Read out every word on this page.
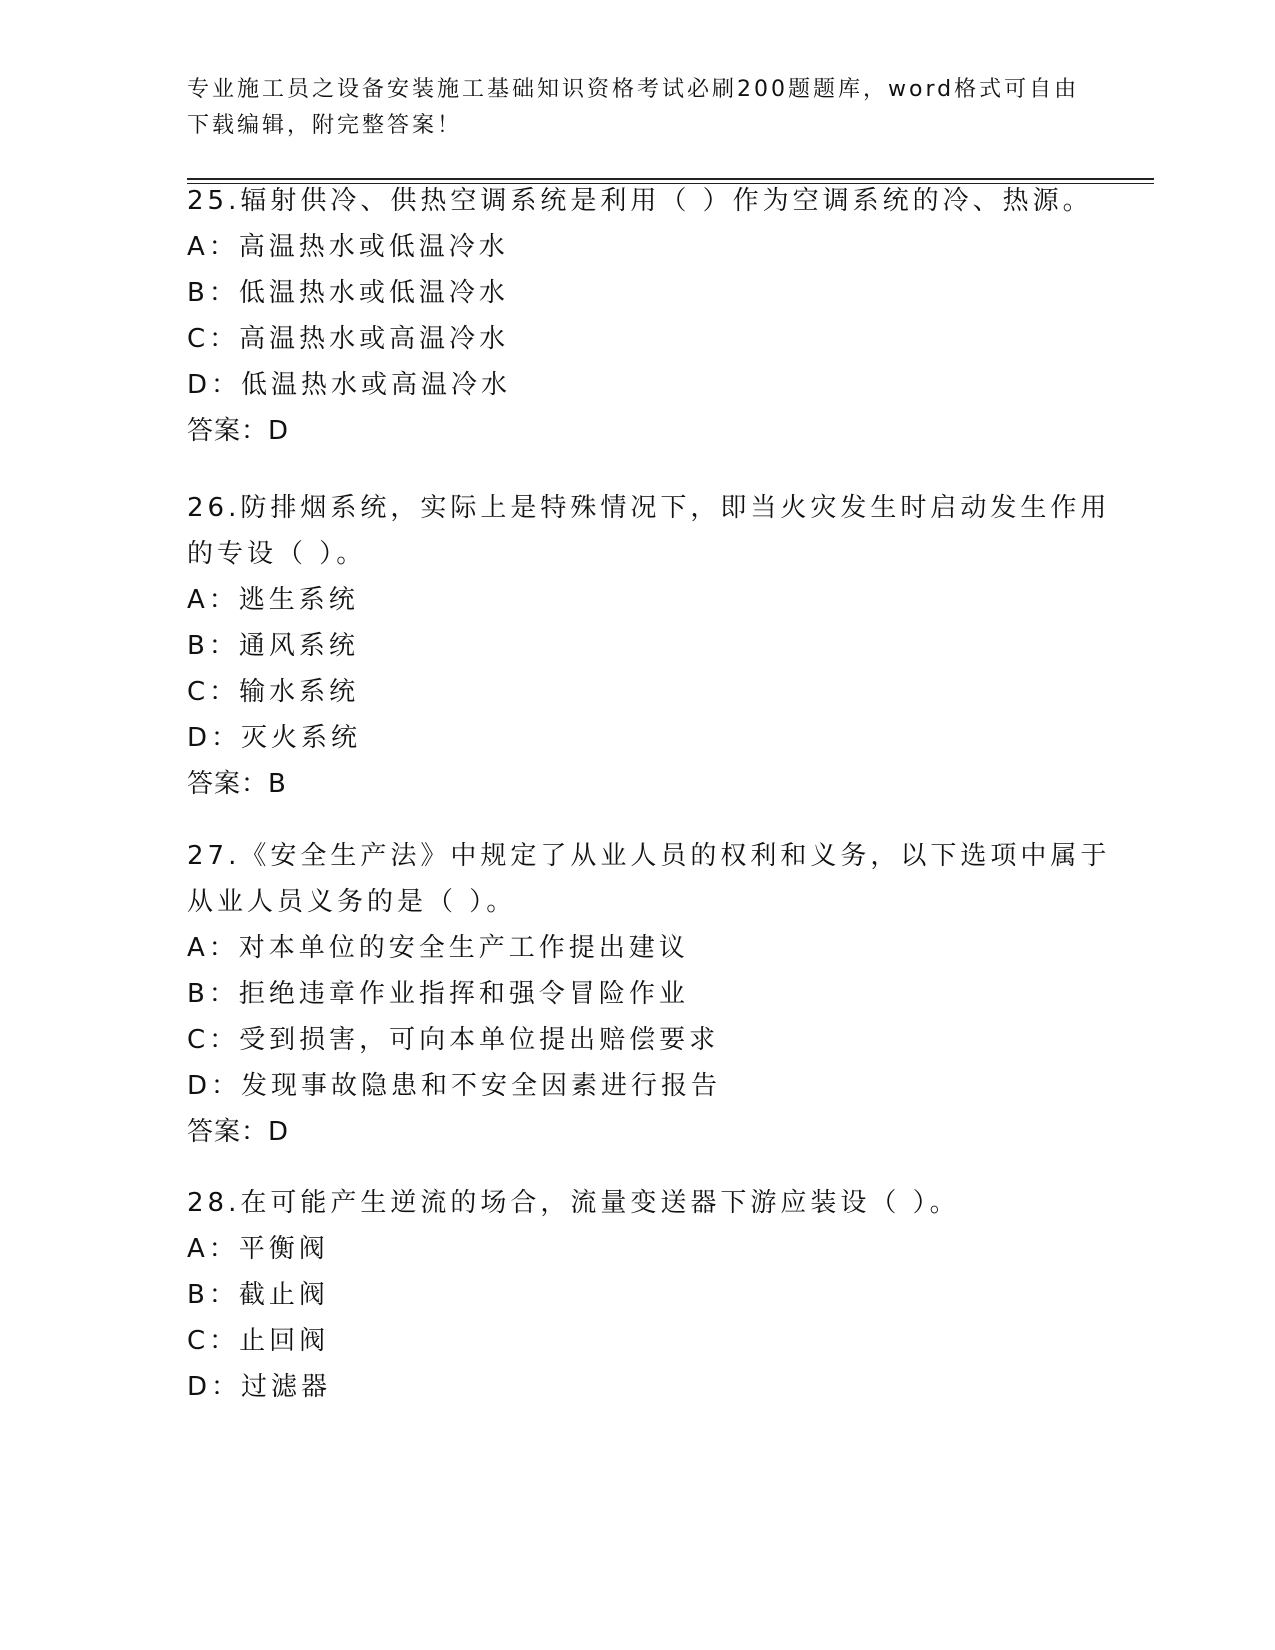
专业施工员之设备安装施工基础知识资格考试必刷200题题库，word格式可自由
下载编辑，附完整答案！
25.辐射供冷、供热空调系统是利用（ ）作为空调系统的冷、热源。
A：高温热水或低温冷水
B：低温热水或低温冷水
C：高温热水或高温冷水
D：低温热水或高温冷水
答案：D
26.防排烟系统，实际上是特殊情况下，即当火灾发生时启动发生作用
的专设（ ）。
A：逃生系统
B：通风系统
C：输水系统
D：灭火系统
答案：B
27.《安全生产法》中规定了从业人员的权利和义务，以下选项中属于
从业人员义务的是（ ）。
A：对本单位的安全生产工作提出建议
B：拒绝违章作业指挥和强令冒险作业
C：受到损害，可向本单位提出赔偿要求
D：发现事故隐患和不安全因素进行报告
答案：D
28.在可能产生逆流的场合，流量变送器下游应装设（ ）。
A：平衡阀
B：截止阀
C：止回阀
D：过滤器
